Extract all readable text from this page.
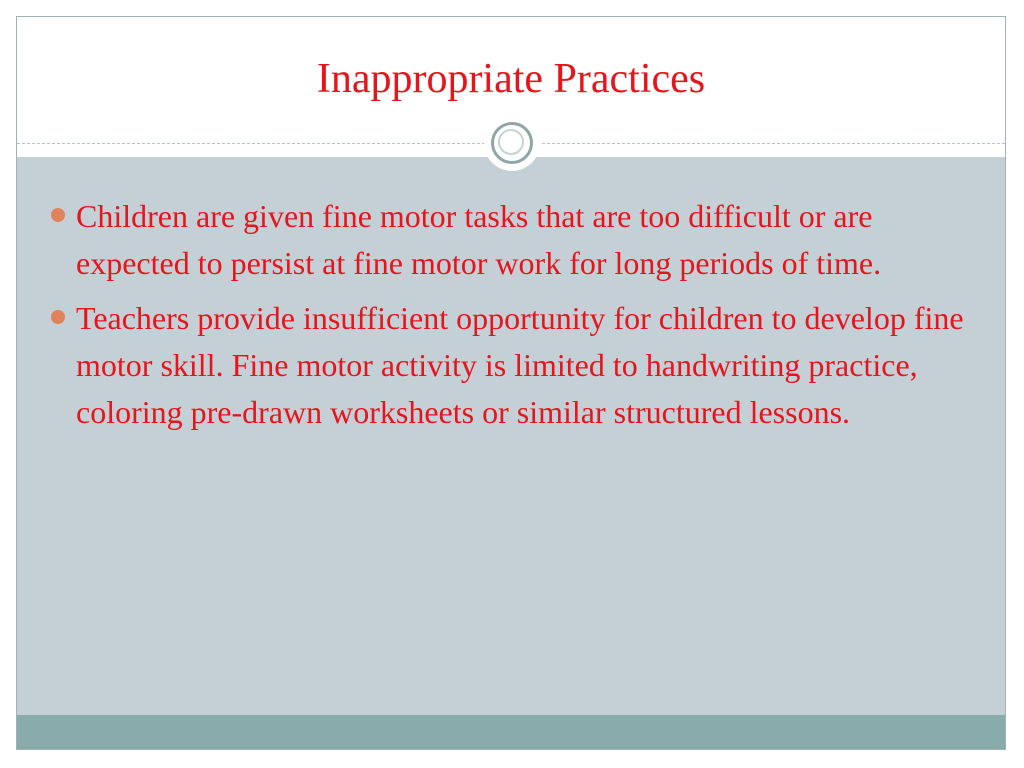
Inappropriate Practices
Children are given fine motor tasks that are too difficult or are expected to persist at fine motor work for long periods of time.
Teachers provide insufficient opportunity for children to develop fine motor skill. Fine motor activity is limited to handwriting practice, coloring pre-drawn worksheets or similar structured lessons.
